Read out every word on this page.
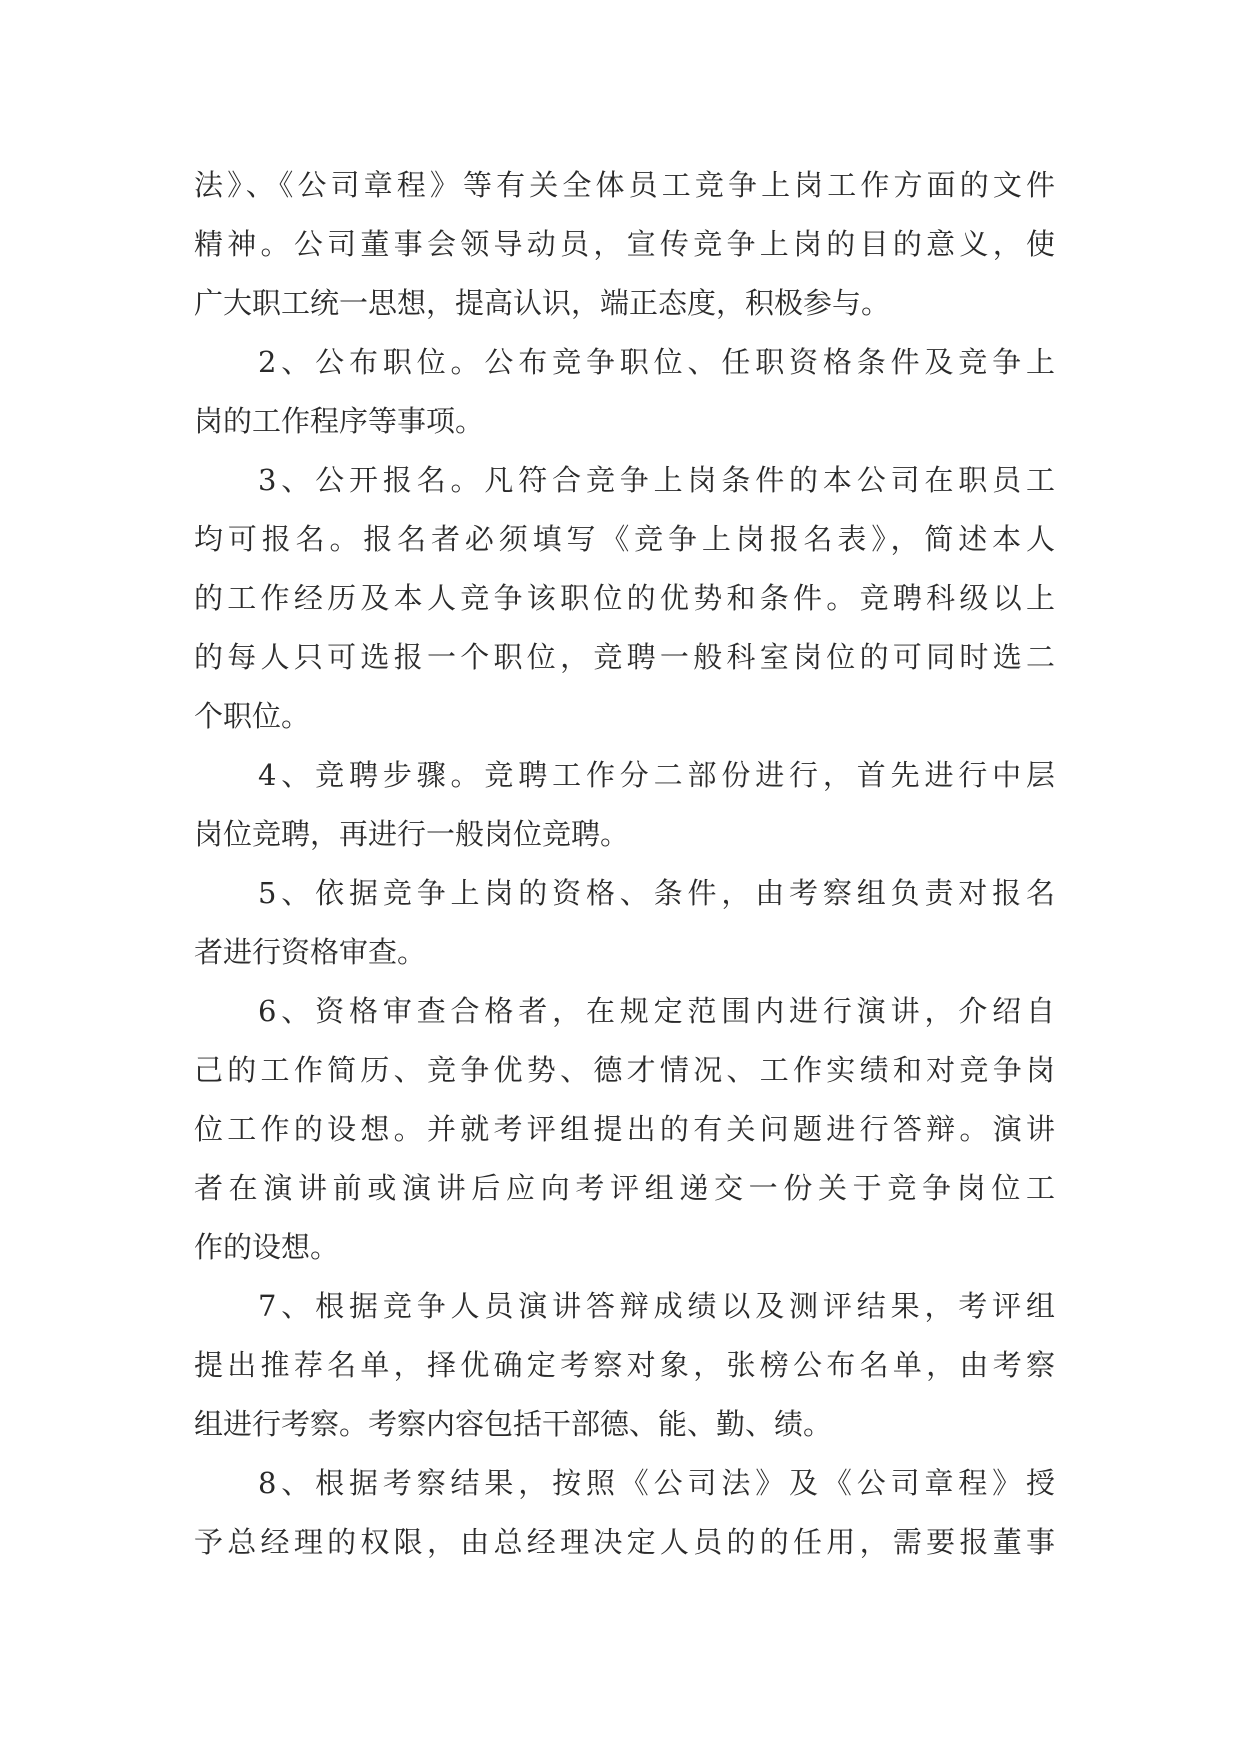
法》、《公司章程》等有关全体员工竞争上岗工作方面的文件
精神。公司董事会领导动员，宣传竞争上岗的目的意义，使
广大职工统一思想，提高认识，端正态度，积极参与。
2、公布职位。公布竞争职位、任职资格条件及竞争上
岗的工作程序等事项。
3、公开报名。凡符合竞争上岗条件的本公司在职员工
均可报名。报名者必须填写《竞争上岗报名表》，简述本人
的工作经历及本人竞争该职位的优势和条件。竞聘科级以上
的每人只可选报一个职位，竞聘一般科室岗位的可同时选二
个职位。
4、竞聘步骤。竞聘工作分二部份进行，首先进行中层
岗位竞聘，再进行一般岗位竞聘。
5、依据竞争上岗的资格、条件，由考察组负责对报名
者进行资格审查。
6、资格审查合格者，在规定范围内进行演讲，介绍自
己的工作简历、竞争优势、德才情况、工作实绩和对竞争岗
位工作的设想。并就考评组提出的有关问题进行答辩。演讲
者在演讲前或演讲后应向考评组递交一份关于竞争岗位工
作的设想。
7、根据竞争人员演讲答辩成绩以及测评结果，考评组
提出推荐名单，择优确定考察对象，张榜公布名单，由考察
组进行考察。考察内容包括干部德、能、勤、绩。
8、根据考察结果，按照《公司法》及《公司章程》授
予总经理的权限，由总经理决定人员的的任用，需要报董事
